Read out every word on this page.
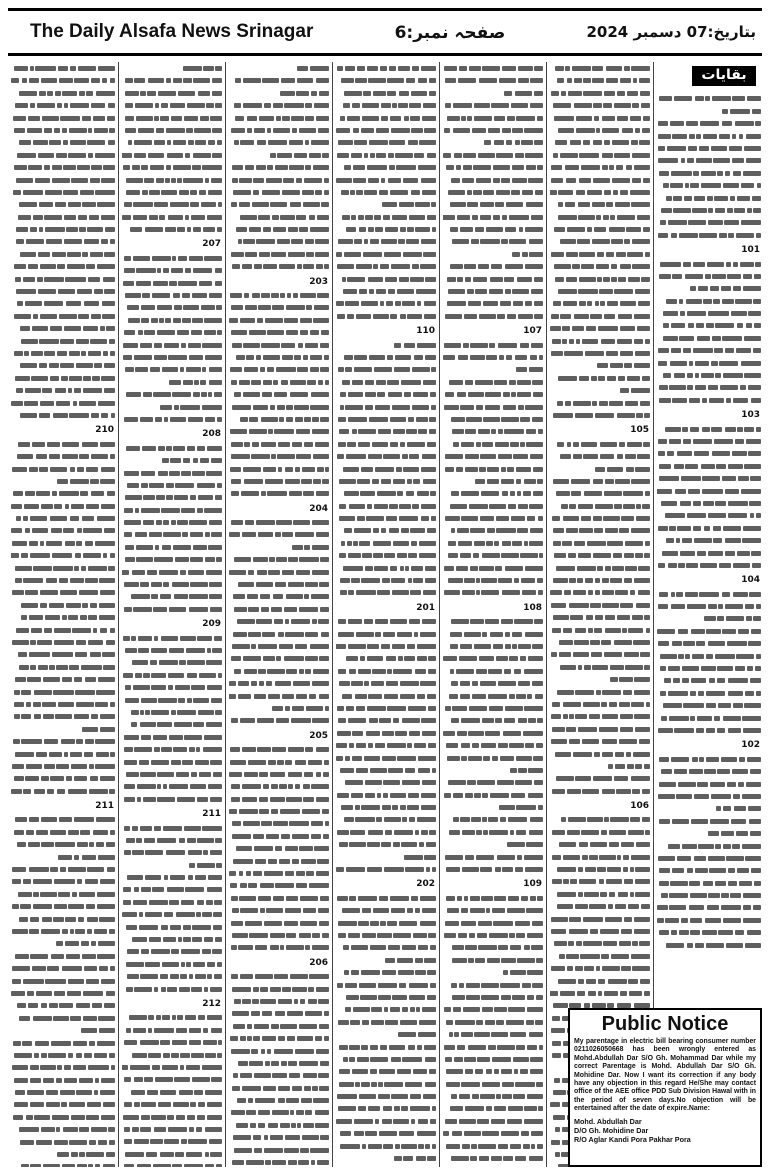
The Daily Alsafa News Srinagar	صفحہ نمبر:6	بتاریخ:07 دسمبر 2024
بقایات
101
103
104
102
105
106
107
108
109
110
201
202
203
204
205
206
207
208
209
211
212
210
211
Public Notice
My parentage in electric bill bearing consumer number 0211026050668 has been wrongly entered as Mohd.Abdullah Dar S/O Gh. Mohammad Dar while my correct Parentage is Mohd. Abdullah Dar S/O Gh. Mohidine Dar. Now I want its correction if any body have any objection in this regard He/She may contact office of the AEE office PDD Sub Division Hawal with in the period of seven days.No objection will be entertained after the date of expire.Name:
Mohd. Abdullah Dar
D/O Gh. Mohidine Dar
R/O Aglar Kandi Pora Pakhar Pora
